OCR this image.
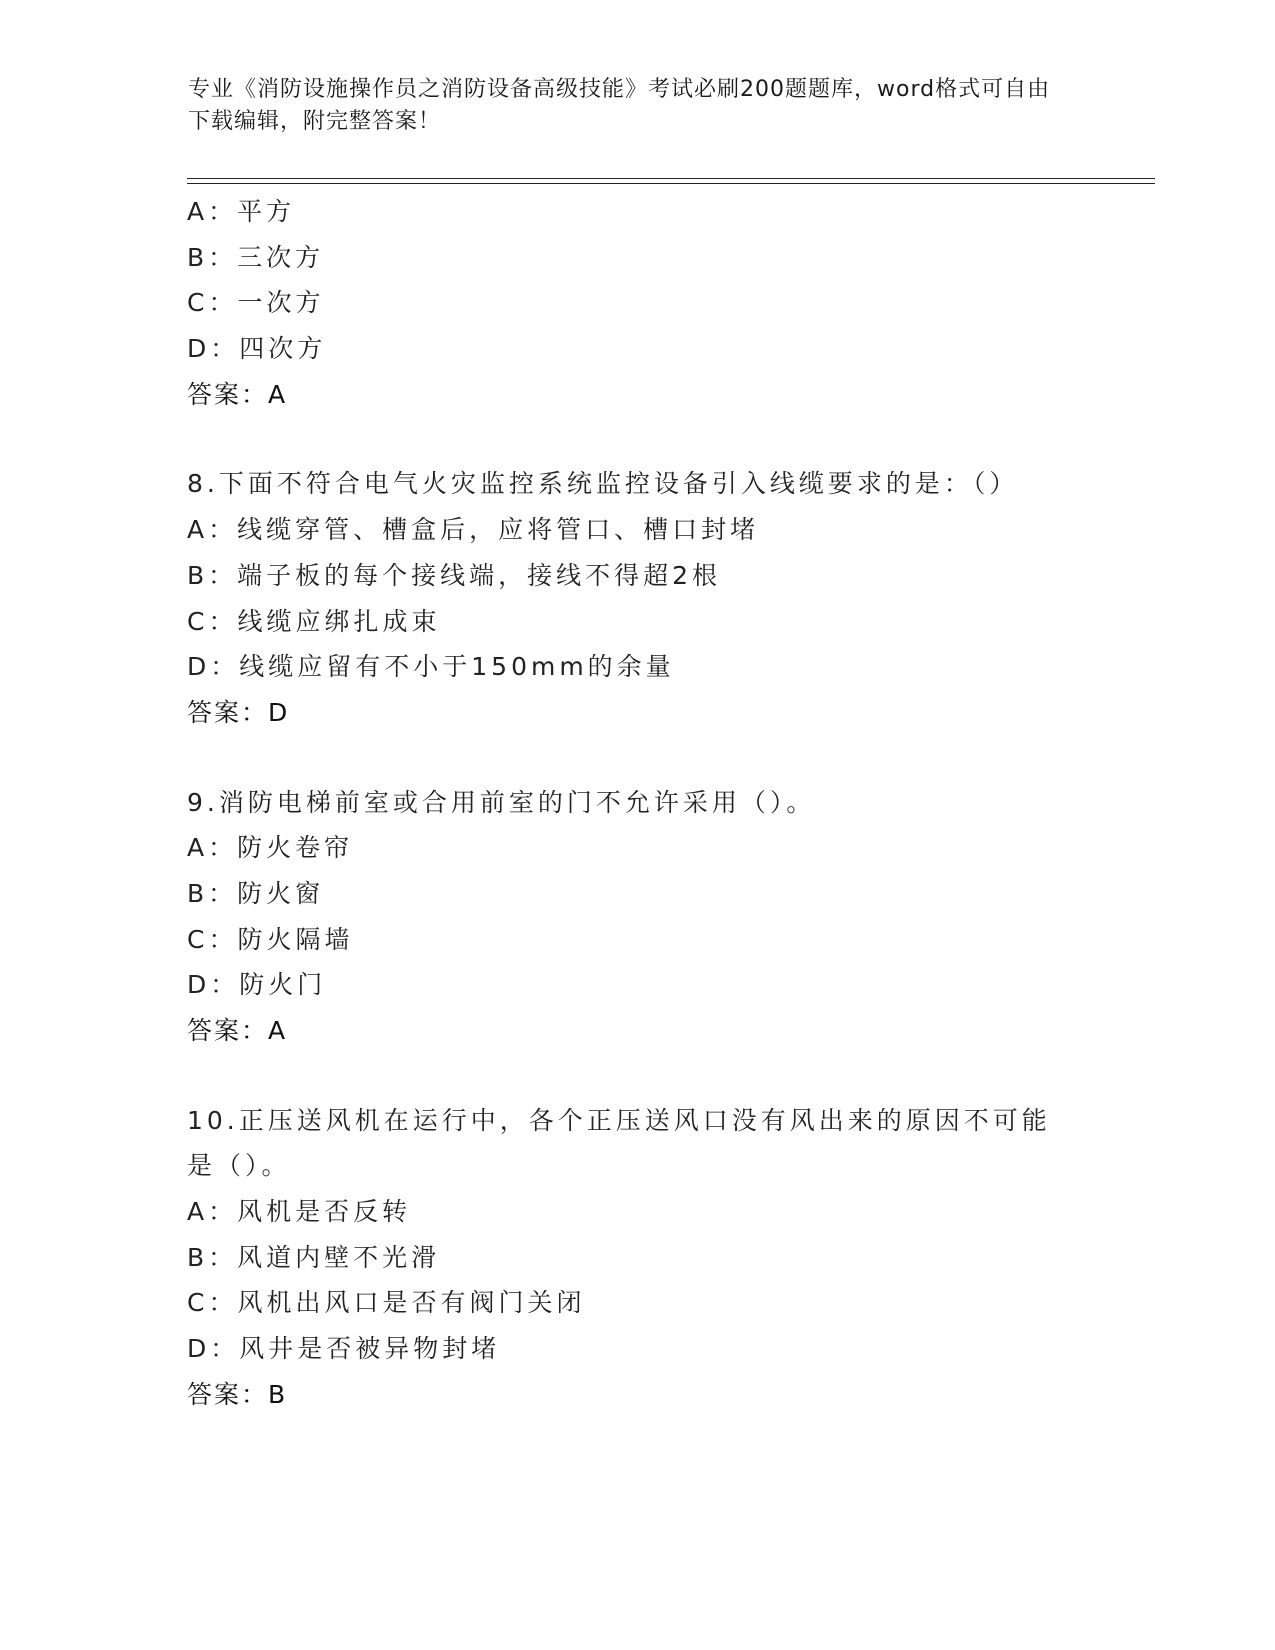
专业《消防设施操作员之消防设备高级技能》考试必刷200题题库，word格式可自由下载编辑，附完整答案！
A：平方
B：三次方
C：一次方
D：四次方
答案：A
8.下面不符合电气火灾监控系统监控设备引入线缆要求的是：（）
A：线缆穿管、槽盒后，应将管口、槽口封堵
B：端子板的每个接线端，接线不得超2根
C：线缆应绑扎成束
D：线缆应留有不小于150mm的余量
答案：D
9.消防电梯前室或合用前室的门不允许采用（）。
A：防火卷帘
B：防火窗
C：防火隔墙
D：防火门
答案：A
10.正压送风机在运行中，各个正压送风口没有风出来的原因不可能是（）。
A：风机是否反转
B：风道内壁不光滑
C：风机出风口是否有阀门关闭
D：风井是否被异物封堵
答案：B
